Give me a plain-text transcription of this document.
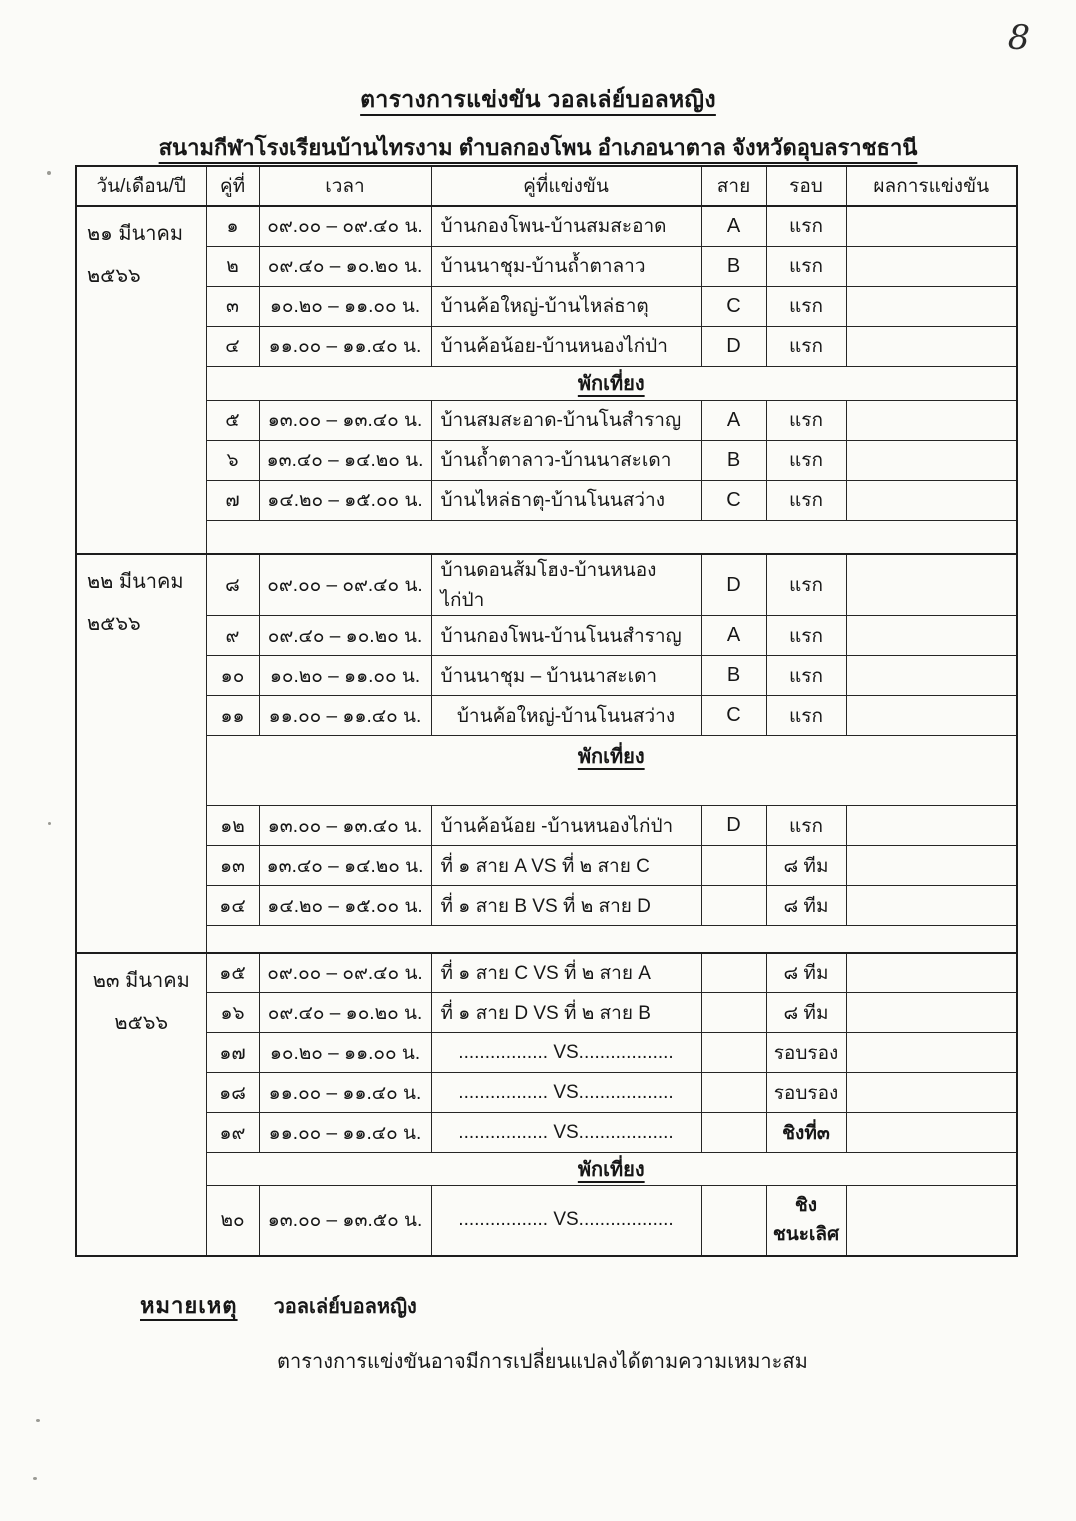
8
ตารางการแข่งขัน วอลเล่ย์บอลหญิง
สนามกีฬาโรงเรียนบ้านไทรงาม ตำบลกองโพน อำเภอนาตาล จังหวัดอุบลราชธานี
วัน/เดือน/ปี	คู่ที่	เวลา	คู่ที่แข่งขัน	สาย	รอบ	ผลการแข่งขัน

๒๑ มีนาคม
๒๕๖๖	๑	๐๙.๐๐ – ๐๙.๔๐ น.	บ้านกองโพน-บ้านสมสะอาด	A	แรก	
	๒	๐๙.๔๐ – ๑๐.๒๐ น.	บ้านนาชุม-บ้านถ้ำตาลาว	B	แรก	
	๓	๑๐.๒๐ – ๑๑.๐๐ น.	บ้านค้อใหญ่-บ้านไหล่ธาตุ	C	แรก	
	๔	๑๑.๐๐ – ๑๑.๔๐ น.	บ้านค้อน้อย-บ้านหนองไก่ป่า	D	แรก	
	พักเที่ยง					
	๕	๑๓.๐๐ – ๑๓.๔๐ น.	บ้านสมสะอาด-บ้านโนสำราญ	A	แรก	
	๖	๑๓.๔๐ – ๑๔.๒๐ น.	บ้านถ้ำตาลาว-บ้านนาสะเดา	B	แรก	
	๗	๑๔.๒๐ – ๑๕.๐๐ น.	บ้านไหล่ธาตุ-บ้านโนนสว่าง	C	แรก	

๒๒ มีนาคม
๒๕๖๖	๘	๐๙.๐๐ – ๐๙.๔๐ น.	บ้านดอนส้มโฮง-บ้านหนองไก่ป่า	D	แรก	
	๙	๐๙.๔๐ – ๑๐.๒๐ น.	บ้านกองโพน-บ้านโนนสำราญ	A	แรก	
	๑๐	๑๐.๒๐ – ๑๑.๐๐ น.	บ้านนาชุม – บ้านนาสะเดา	B	แรก	
	๑๑	๑๑.๐๐ – ๑๑.๔๐ น.	บ้านค้อใหญ่-บ้านโนนสว่าง	C	แรก	
	พักเที่ยง					
	๑๒	๑๓.๐๐ – ๑๓.๔๐ น.	บ้านค้อน้อย -บ้านหนองไก่ป่า	D	แรก	
	๑๓	๑๓.๔๐ – ๑๔.๒๐ น.	ที่ ๑ สาย A VS ที่ ๒ สาย C		๘ ทีม	
	๑๔	๑๔.๒๐ – ๑๕.๐๐ น.	ที่ ๑ สาย B VS ที่ ๒ สาย D		๘ ทีม	

๒๓ มีนาคม
๒๕๖๖	๑๕	๐๙.๐๐ – ๐๙.๔๐ น.	ที่ ๑ สาย C VS ที่ ๒ สาย A		๘ ทีม	
	๑๖	๐๙.๔๐ – ๑๐.๒๐ น.	ที่ ๑ สาย D VS ที่ ๒ สาย B		๘ ทีม	
	๑๗	๑๐.๒๐ – ๑๑.๐๐ น.	................. VS..................		รอบรอง	
	๑๘	๑๑.๐๐ – ๑๑.๔๐ น.	................. VS..................		รอบรอง	
	๑๙	๑๑.๐๐ – ๑๑.๔๐ น.	................. VS..................		ชิงที่๓	
	พักเที่ยง					
	๒๐	๑๓.๐๐ – ๑๓.๕๐ น.	................. VS..................		ชิง
ชนะเลิศ	

หมายเหตุ วอลเล่ย์บอลหญิง
ตารางการแข่งขันอาจมีการเปลี่ยนแปลงได้ตามความเหมาะสม
